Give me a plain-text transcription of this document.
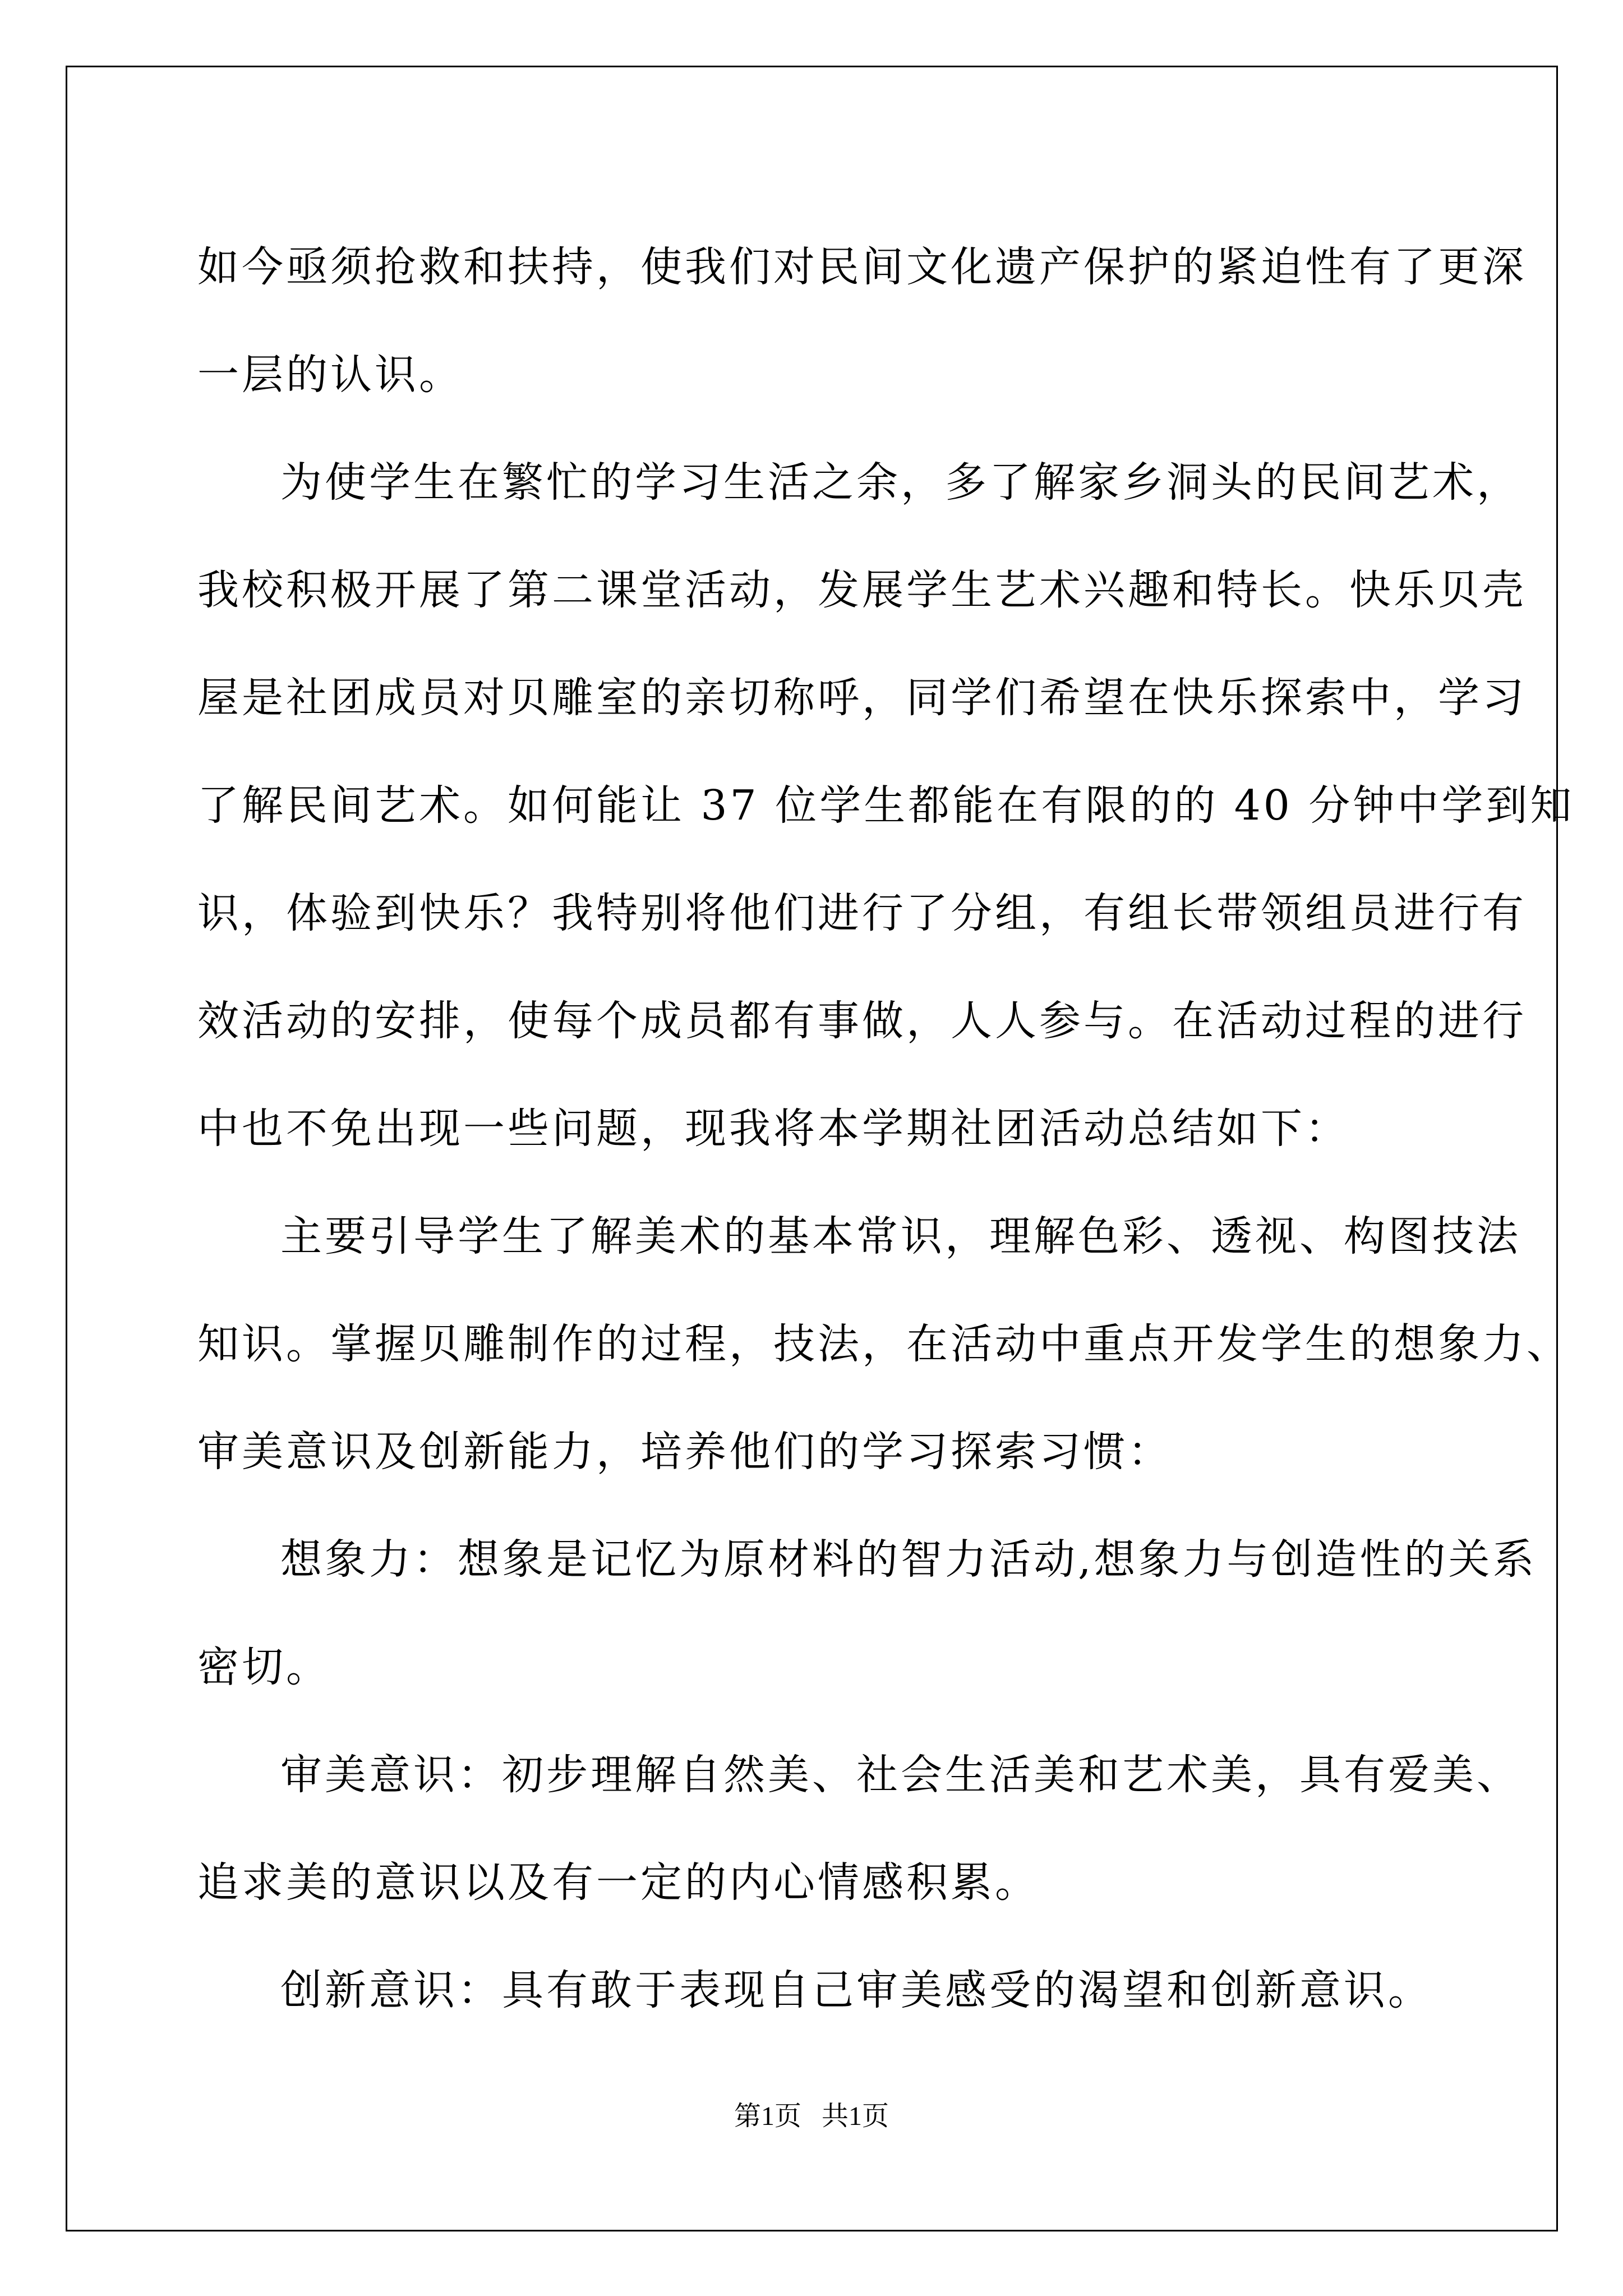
如今亟须抢救和扶持，使我们对民间文化遗产保护的紧迫性有了更深
一层的认识。

为使学生在繁忙的学习生活之余，多了解家乡洞头的民间艺术，
我校积极开展了第二课堂活动，发展学生艺术兴趣和特长。快乐贝壳
屋是社团成员对贝雕室的亲切称呼，同学们希望在快乐探索中，学习
了解民间艺术。如何能让 37 位学生都能在有限的的 40 分钟中学到知
识，体验到快乐？我特别将他们进行了分组，有组长带领组员进行有
效活动的安排，使每个成员都有事做，人人参与。在活动过程的进行
中也不免出现一些问题，现我将本学期社团活动总结如下：

主要引导学生了解美术的基本常识，理解色彩、透视、构图技法
知识。掌握贝雕制作的过程，技法，在活动中重点开发学生的想象力、
审美意识及创新能力，培养他们的学习探索习惯：

想象力：想象是记忆为原材料的智力活动,想象力与创造性的关系
密切。

审美意识：初步理解自然美、社会生活美和艺术美，具有爱美、
追求美的意识以及有一定的内心情感积累。

创新意识：具有敢于表现自己审美感受的渴望和创新意识。

第1页 共1页
